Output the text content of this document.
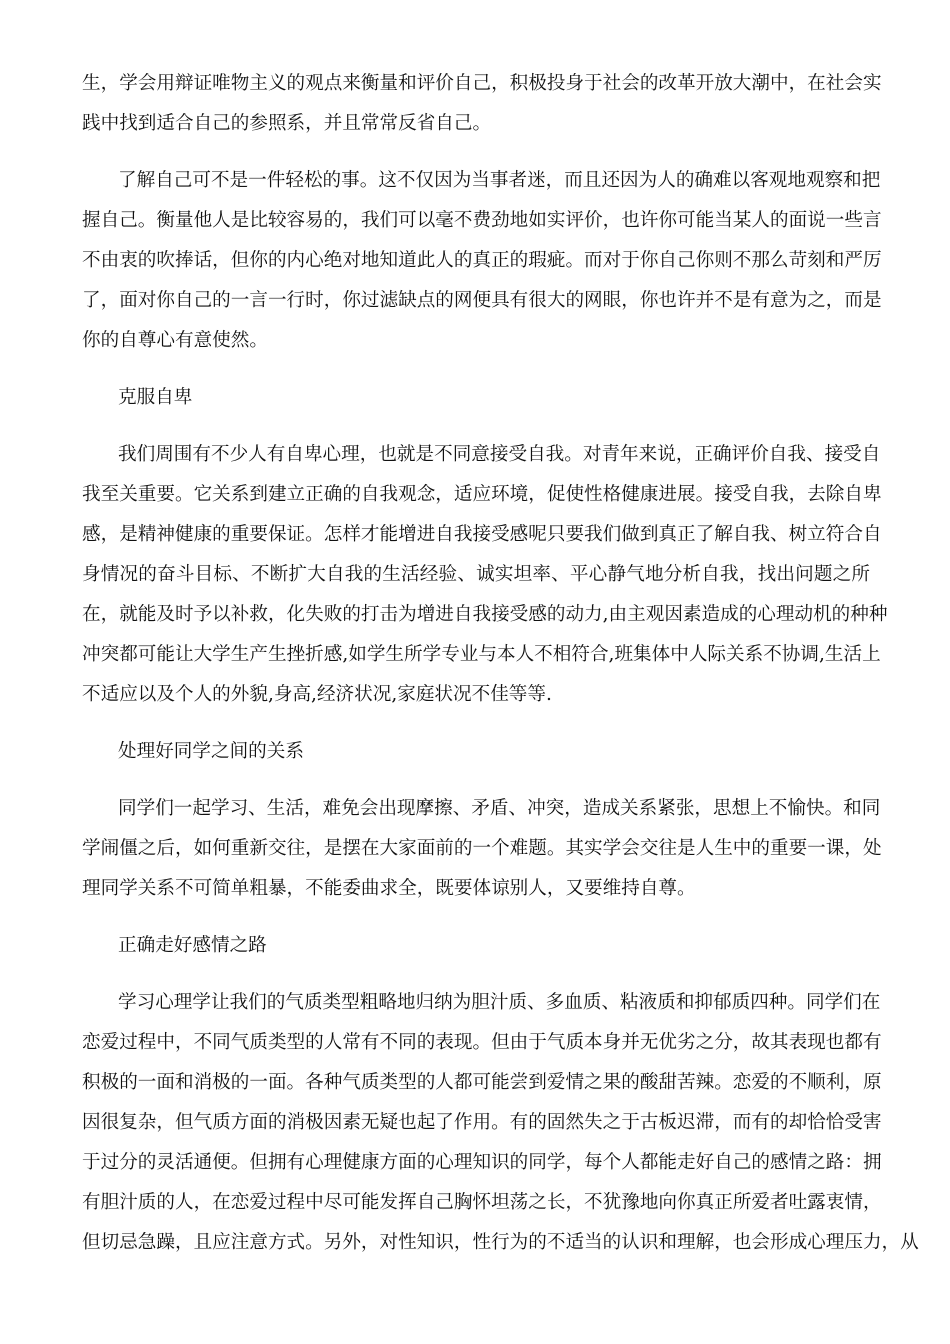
生，学会用辩证唯物主义的观点来衡量和评价自己，积极投身于社会的改革开放大潮中，在社会实
践中找到适合自己的参照系，并且常常反省自己。
了解自己可不是一件轻松的事。这不仅因为当事者迷，而且还因为人的确难以客观地观察和把
握自己。衡量他人是比较容易的，我们可以毫不费劲地如实评价，也许你可能当某人的面说一些言
不由衷的吹捧话，但你的内心绝对地知道此人的真正的瑕疵。而对于你自己你则不那么苛刻和严厉
了，面对你自己的一言一行时，你过滤缺点的网便具有很大的网眼，你也许并不是有意为之，而是
你的自尊心有意使然。
克服自卑
我们周围有不少人有自卑心理，也就是不同意接受自我。对青年来说，正确评价自我、接受自
我至关重要。它关系到建立正确的自我观念，适应环境，促使性格健康进展。接受自我，去除自卑
感，是精神健康的重要保证。怎样才能增进自我接受感呢只要我们做到真正了解自我、树立符合自
身情况的奋斗目标、不断扩大自我的生活经验、诚实坦率、平心静气地分析自我，找出问题之所
在，就能及时予以补救，化失败的打击为增进自我接受感的动力,由主观因素造成的心理动机的种种
冲突都可能让大学生产生挫折感,如学生所学专业与本人不相符合,班集体中人际关系不协调,生活上
不适应以及个人的外貌,身高,经济状况,家庭状况不佳等等.
处理好同学之间的关系
同学们一起学习、生活，难免会出现摩擦、矛盾、冲突，造成关系紧张，思想上不愉快。和同
学闹僵之后，如何重新交往，是摆在大家面前的一个难题。其实学会交往是人生中的重要一课，处
理同学关系不可简单粗暴，不能委曲求全，既要体谅别人，又要维持自尊。
正确走好感情之路
学习心理学让我们的气质类型粗略地归纳为胆汁质、多血质、粘液质和抑郁质四种。同学们在
恋爱过程中，不同气质类型的人常有不同的表现。但由于气质本身并无优劣之分，故其表现也都有
积极的一面和消极的一面。各种气质类型的人都可能尝到爱情之果的酸甜苦辣。恋爱的不顺利，原
因很复杂，但气质方面的消极因素无疑也起了作用。有的固然失之于古板迟滞，而有的却恰恰受害
于过分的灵活通便。但拥有心理健康方面的心理知识的同学，每个人都能走好自己的感情之路：拥
有胆汁质的人，在恋爱过程中尽可能发挥自己胸怀坦荡之长，不犹豫地向你真正所爱者吐露衷情，
但切忌急躁，且应注意方式。另外，对性知识，性行为的不适当的认识和理解，也会形成心理压力，从
